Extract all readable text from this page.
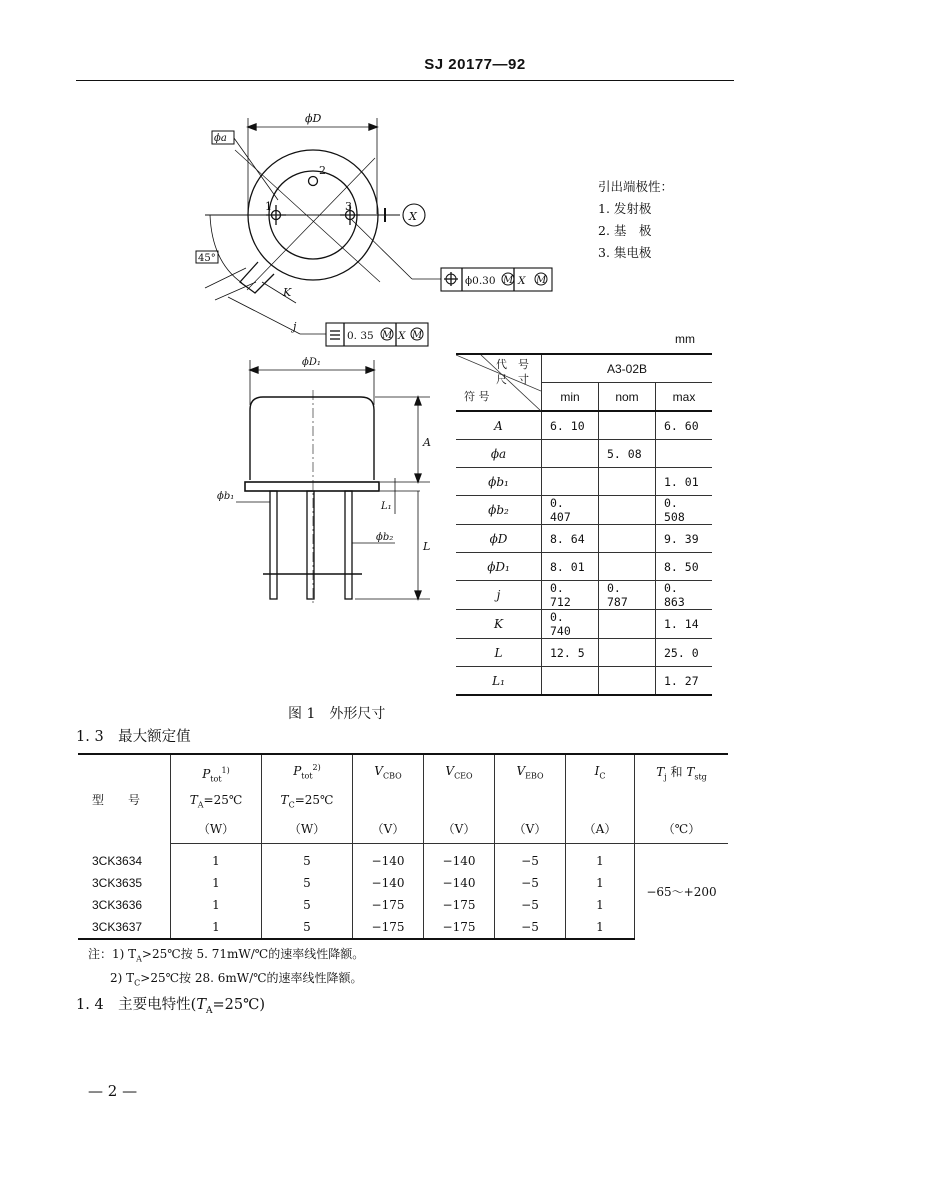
SJ 20177—92
ϕD
ϕa
45°
1
2
3
X
K
j
ϕ0.30 X
0. 35 X
ϕD₁
A
ϕb₁
L₁
ϕb₂
L
M M
M M
引出端极性：
1. 发射极
2. 基　极
3. 集电极
mm
代　号
尺　寸
符 号	A3-02B		
	min	nom	max
A	6. 10		6. 60
ϕa		5. 08	
ϕb₁			1. 01
ϕb₂	0. 407		0. 508
ϕD	8. 64		9. 39
ϕD₁	8. 01		8. 50
j	0. 712	0. 787	0. 863
K	0. 740		1. 14
L	12. 5		25. 0
L₁			1. 27
图 1　外形尺寸
1. 3　最大额定值
型　　号	$P_{tot}^{1)}$	$P_{tot}^{2)}$	$V_{CBO}$	$V_{CEO}$	$V_{EBO}$	$I_C$	$T_j$ 和 $T_{stg}$
	$T_A=25℃$	$T_C=25℃$					
	（W）	（W）	（V）	（V）	（V）	（A）	（℃）
3CK3634	1	5	−140	−140	−5	1	−65～+200
3CK3635	1	5	−140	−140	−5	1	
3CK3636	1	5	−175	−175	−5	1	
3CK3637	1	5	−175	−175	−5	1	
注：1) $T_A>25℃$按 5. 71mW/℃的速率线性降额。
2) $T_C>25℃$按 28. 6mW/℃的速率线性降额。
1. 4　主要电特性$(T_A=25℃)$
— 2 —
